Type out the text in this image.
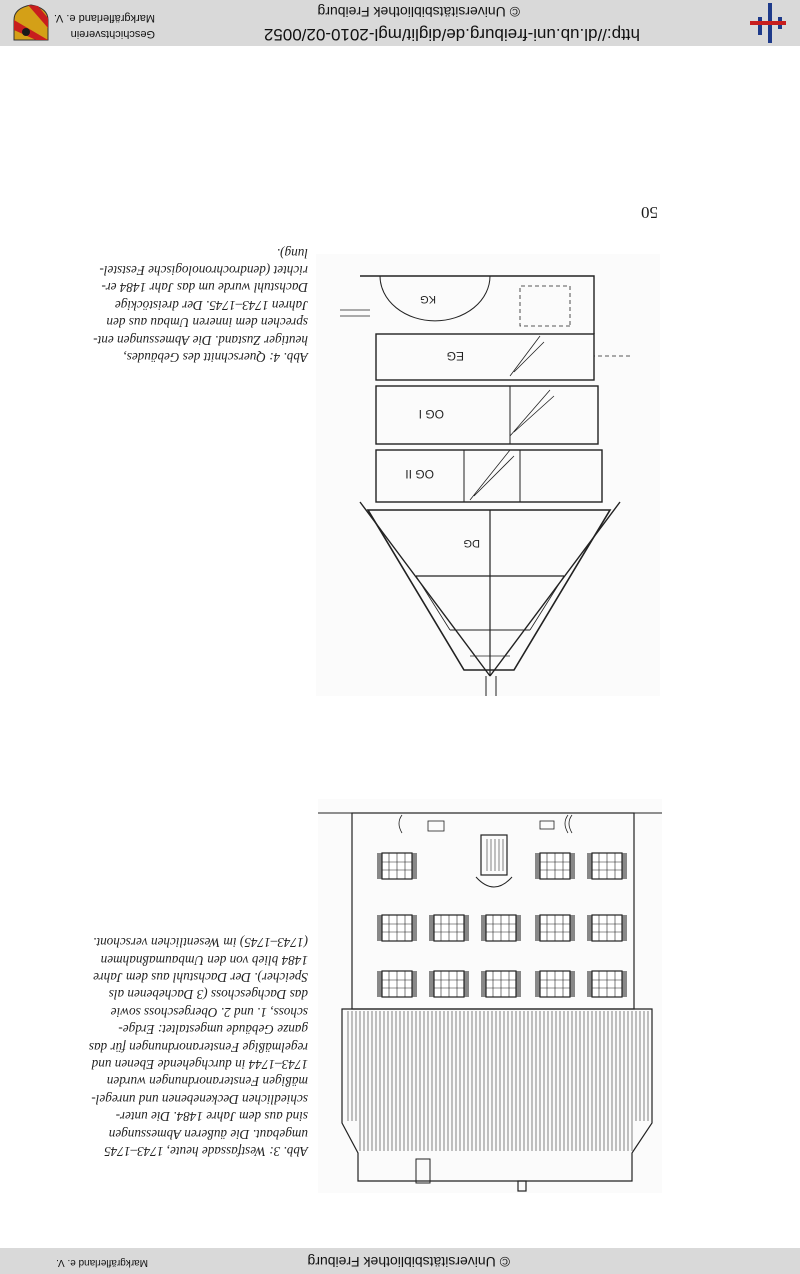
http://dl.ub.uni-freiburg.de/diglit/mgl-2010-02/0052
© Universitätsbibliothek Freiburg
Geschichtsverein
Markgräflerland e. V.
50
Abb. 3: Westfassade heute, 1743–1745
umgebaut. Die äußeren Abmessungen
sind aus dem Jahre 1484. Die unter-
schiedlichen Deckenebenen und unregel-
mäßigen Fensteranordnungen wurden
1743–1744 in durchgehende Ebenen und
regelmäßige Fensteranordnungen für das
ganze Gebäude umgestaltet: Erdge-
schoss, 1. und 2. Obergeschoss sowie
das Dachgeschoss (3 Dachebenen als
Speicher). Der Dachstuhl aus dem Jahre
1484 blieb von den Umbaumaßnahmen
(1743–1745) im Wesentlichen verschont.
DG
OG II
OG I
EG
KG
Abb. 4: Querschnitt des Gebäudes,
heutiger Zustand. Die Abmessungen ent-
sprechen dem inneren Umbau aus den
Jahren 1743–1745. Der dreistöckige
Dachstuhl wurde um das Jahr 1484 er-
richtet (dendrochronologische Feststel-
lung).
© Universitätsbibliothek Freiburg
Markgräflerland e. V.
